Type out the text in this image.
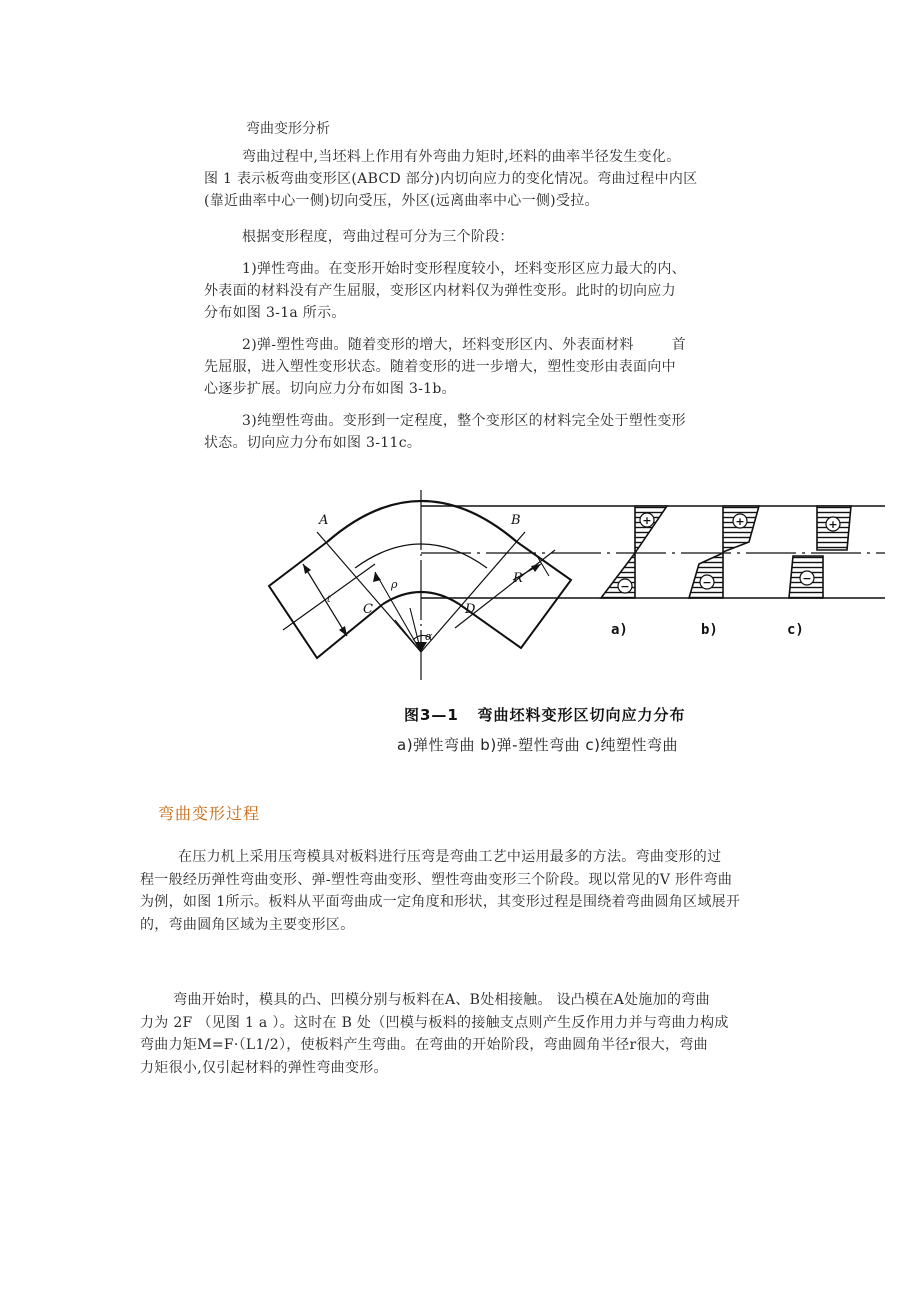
弯曲变形分析
弯曲过程中,当坯料上作用有外弯曲力矩时,坯料的曲率半径发生变化。
图 1 表示板弯曲变形区(ABCD 部分)内切向应力的变化情况。弯曲过程中内区
(靠近曲率中心一侧)切向受压，外区(远离曲率中心一侧)受拉。
根据变形程度，弯曲过程可分为三个阶段：
1)弹性弯曲。在变形开始时变形程度较小，坯料变形区应力最大的内、
外表面的材料没有产生屈服，变形区内材料仅为弹性变形。此时的切向应力
分布如图 3-1a 所示。
2)弹-塑性弯曲。随着变形的增大，坯料变形区内、外表面材料        首
先屈服，进入塑性变形状态。随着变形的进一步增大，塑性变形由表面向中
心逐步扩展。切向应力分布如图 3-1b。
3)纯塑性弯曲。变形到一定程度，整个变形区的材料完全处于塑性变形
状态。切向应力分布如图 3-11c。
A	B
C	D
ρ	R
t
α
+
−
+
−
+
−
a)	b)	c)
图3—1   弯曲坯料变形区切向应力分布
a)弹性弯曲 b)弹-塑性弯曲 c)纯塑性弯曲
弯曲变形过程
在压力机上采用压弯模具对板料进行压弯是弯曲工艺中运用最多的方法。弯曲变形的过
程一般经历弹性弯曲变形、弹-塑性弯曲变形、塑性弯曲变形三个阶段。现以常见的V 形件弯曲
为例，如图 1所示。板料从平面弯曲成一定角度和形状，其变形过程是围绕着弯曲圆角区域展开
的，弯曲圆角区域为主要变形区。
弯曲开始时，模具的凸、凹模分别与板料在A、B处相接触。 设凸模在A处施加的弯曲
力为 2F （见图 1 a ）。这时在 B 处（凹模与板料的接触支点则产生反作用力并与弯曲力构成
弯曲力矩M=F·（L1/2），使板料产生弯曲。在弯曲的开始阶段，弯曲圆角半径r很大，弯曲
力矩很小,仅引起材料的弹性弯曲变形。
